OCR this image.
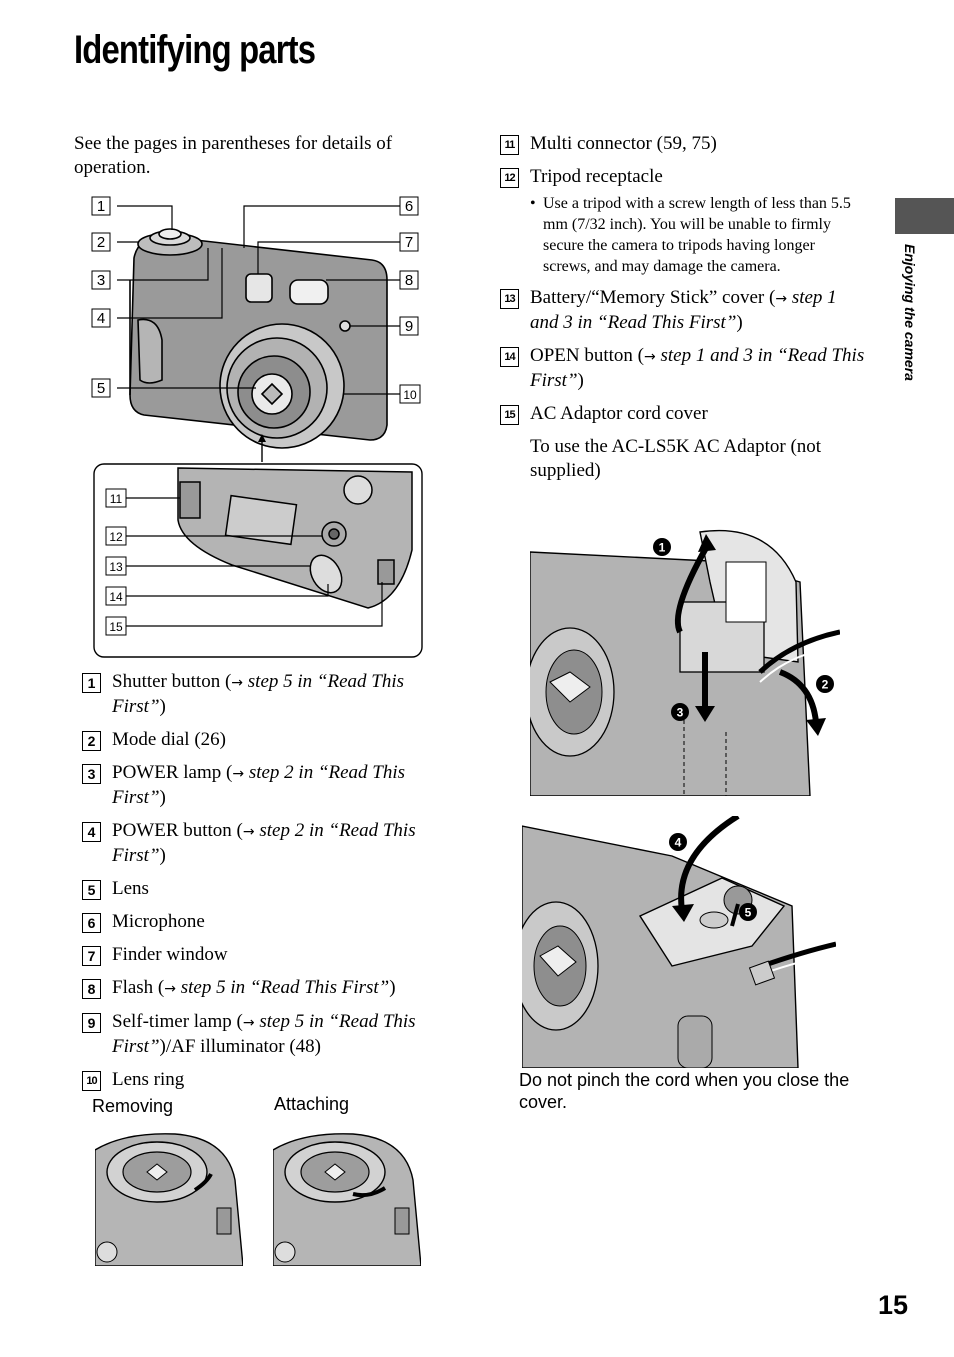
Identifying parts
See the pages in parentheses for details of operation.
Enjoying the camera
1
2
3
4
5
6
7
8
9
10
11
12
13
14
15
1 Shutter button (→ step 5 in “Read This First”)
2 Mode dial (26)
3 POWER lamp (→ step 2 in “Read This First”)
4 POWER button (→ step 2 in “Read This First”)
5 Lens
6 Microphone
7 Finder window
8 Flash (→ step 5 in “Read This First”)
9 Self-timer lamp (→ step 5 in “Read This First”)/AF illuminator (48)
10 Lens ring
11 Multi connector (59, 75)
12 Tripod receptacle
• Use a tripod with a screw length of less than 5.5 mm (7/32 inch). You will be unable to firmly secure the camera to tripods having longer screws, and may damage the camera.
13 Battery/“Memory Stick” cover (→ step 1 and 3 in “Read This First”)
14 OPEN button (→ step 1 and 3 in “Read This First”)
15 AC Adaptor cord cover
To use the AC-LS5K AC Adaptor (not supplied)
Removing	Attaching
1
2
3
4
5
Do not pinch the cord when you close the cover.
15
